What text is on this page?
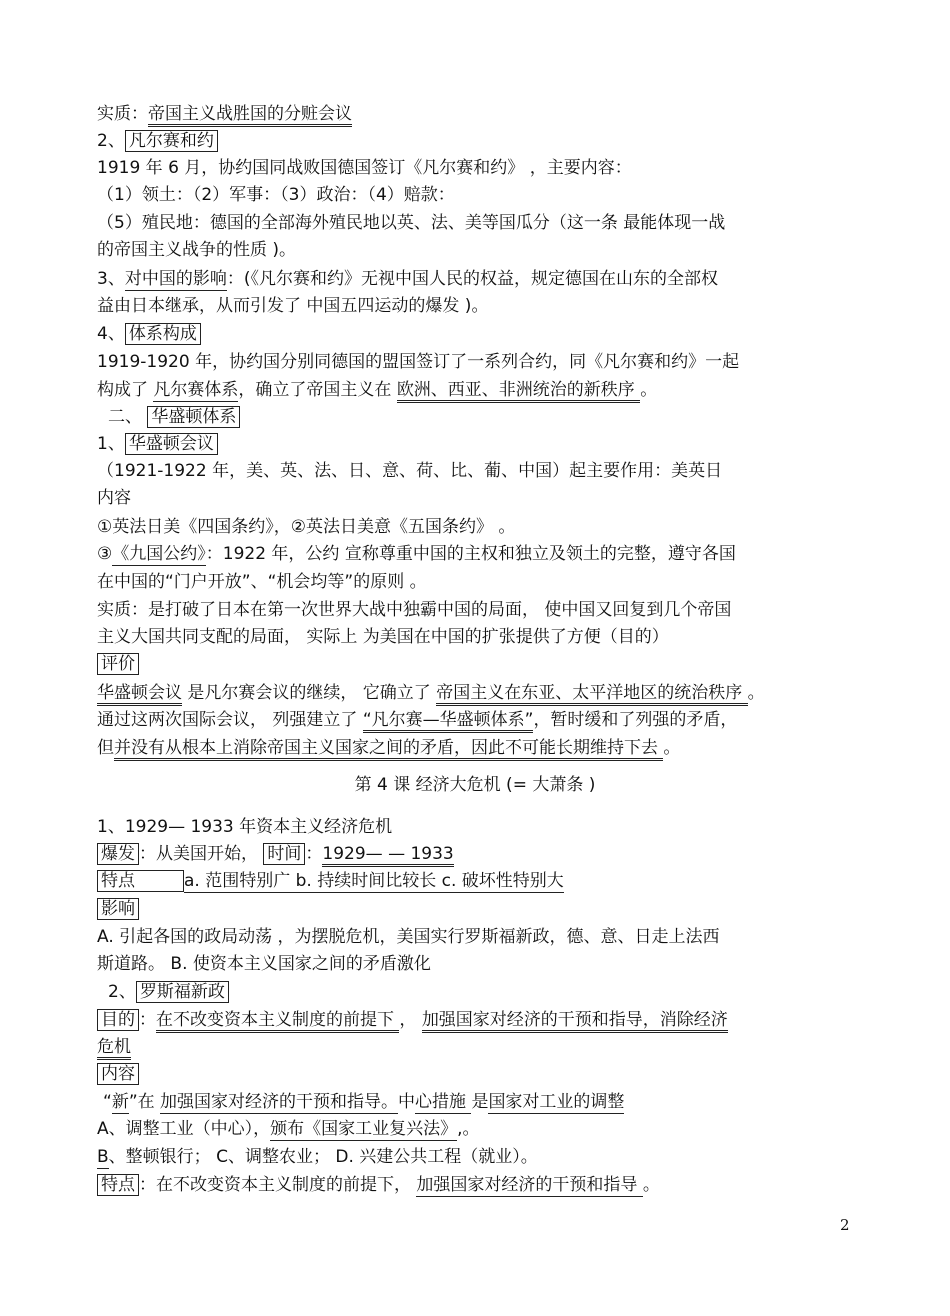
实质：帝国主义战胜国的分赃会议
2、 凡尔赛和约
1919 年 6 月，协约国同战败国德国签订《凡尔赛和约》 ，主要内容：
（1）领土：（2）军事：（3）政治：（4）赔款：
（5）殖民地：德国的全部海外殖民地以英、法、美等国瓜分（这一条 最能体现一战
的帝国主义战争的性质 )。
3、对中国的影响：(《凡尔赛和约》无视中国人民的权益，规定德国在山东的全部权
益由日本继承，从而引发了 中国五四运动的爆发 )。
4、 体系构成
1919-1920 年，协约国分别同德国的盟国签订了一系列合约，同《凡尔赛和约》一起
构成了 凡尔赛体系，确立了帝国主义在 欧洲、西亚、非洲统治的新秩序 。
二、 华盛顿体系
1、 华盛顿会议
（1921-1922 年，美、英、法、日、意、荷、比、葡、中国）起主要作用：美英日
内容
①英法日美《四国条约》，②英法日美意《五国条约》 。
③《九国公约》：1922 年，公约 宣称尊重中国的主权和独立及领土的完整，遵守各国
在中国的“门户开放”、“机会均等”的原则 。
实质：是打破了日本在第一次世界大战中独霸中国的局面， 使中国又回复到几个帝国
主义大国共同支配的局面， 实际上 为美国在中国的扩张提供了方便（目的）
评价
华盛顿会议 是凡尔赛会议的继续， 它确立了 帝国主义在东亚、太平洋地区的统治秩序 。
通过这两次国际会议， 列强建立了 “凡尔赛—华盛顿体系”，暂时缓和了列强的矛盾，
但并没有从根本上消除帝国主义国家之间的矛盾，因此不可能长期维持下去 。
第 4 课 经济大危机 (= 大萧条 )
1、1929— 1933 年资本主义经济危机
爆发 ：从美国开始， 时间 ：1929— — 1933
特点	a. 范围特别广 b. 持续时间比较长 c. 破坏性特别大
影响
A. 引起各国的政局动荡 ，为摆脱危机，美国实行罗斯福新政，德、意、日走上法西
斯道路。 B. 使资本主义国家之间的矛盾激化
2、 罗斯福新政
目的 ：在不改变资本主义制度的前提下 ， 加强国家对经济的干预和指导，消除经济
危机
内容
“新”在 加强国家对经济的干预和指导。中心措施 是国家对工业的调整
A、调整工业（中心），颁布《国家工业复兴法》,。
B、整顿银行； C、调整农业； D. 兴建公共工程（就业）。
特点 ：在不改变资本主义制度的前提下， 加强国家对经济的干预和指导 。
2
